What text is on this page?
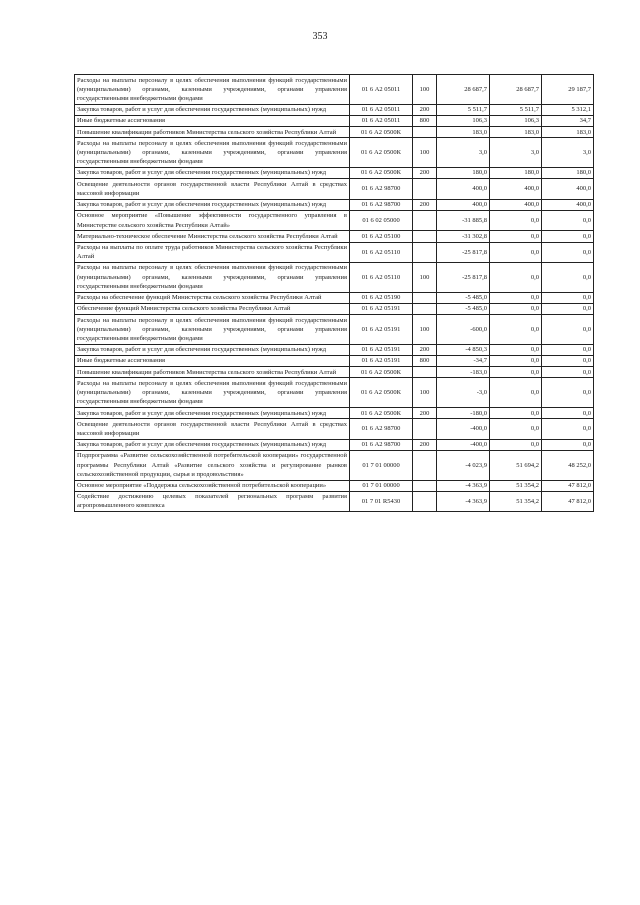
353
Расходы на выплаты персоналу в целях обеспечения выполнения функций государственными (муниципальными) органами, казенными учреждениями, органами управления государственными внебюджетными фондами	01 6 А2 05011	100	28 687,7	28 687,7	29 187,7
Закупка товаров, работ и услуг для обеспечения государственных (муниципальных) нужд	01 6 А2 05011	200	5 511,7	5 511,7	5 312,1
Иные бюджетные ассигнования	01 6 А2 05011	800	106,3	106,3	34,7
Повышение квалификации работников Министерства сельского хозяйства Республики Алтай	01 6 А2 0500К		183,0	183,0	183,0
Расходы на выплаты персоналу в целях обеспечения выполнения функций государственными (муниципальными) органами, казенными учреждениями, органами управления государственными внебюджетными фондами	01 6 А2 0500К	100	3,0	3,0	3,0
Закупка товаров, работ и услуг для обеспечения государственных (муниципальных) нужд	01 6 А2 0500К	200	180,0	180,0	180,0
Освещение деятельности органов государственной власти Республики Алтай в средствах массовой информации	01 6 А2 98700		400,0	400,0	400,0
Закупка товаров, работ и услуг для обеспечения государственных (муниципальных) нужд	01 6 А2 98700	200	400,0	400,0	400,0
Основное мероприятие «Повышение эффективности государственного управления в Министерстве сельского хозяйства Республики Алтай»	01 6 02 05000		-31 885,8	0,0	0,0
Материально-техническое обеспечение Министерства сельского хозяйства Республики Алтай	01 6 А2 05100		-31 302,8	0,0	0,0
Расходы на выплаты по оплате труда работников Министерства сельского хозяйства Республики Алтай	01 6 А2 05110		-25 817,8	0,0	0,0
Расходы на выплаты персоналу в целях обеспечения выполнения функций государственными (муниципальными) органами, казенными учреждениями, органами управления государственными внебюджетными фондами	01 6 А2 05110	100	-25 817,8	0,0	0,0
Расходы на обеспечение функций Министерства сельского хозяйства Республики Алтай	01 6 А2 05190		-5 485,0	0,0	0,0
Обеспечение функций Министерства сельского хозяйства Республики Алтай	01 6 А2 05191		-5 485,0	0,0	0,0
Расходы на выплаты персоналу в целях обеспечения выполнения функций государственными (муниципальными) органами, казенными учреждениями, органами управления государственными внебюджетными фондами	01 6 А2 05191	100	-600,0	0,0	0,0
Закупка товаров, работ и услуг для обеспечения государственных (муниципальных) нужд	01 6 А2 05191	200	-4 850,3	0,0	0,0
Иные бюджетные ассигнования	01 6 А2 05191	800	-34,7	0,0	0,0
Повышение квалификации работников Министерства сельского хозяйства Республики Алтай	01 6 А2 0500К		-183,0	0,0	0,0
Расходы на выплаты персоналу в целях обеспечения выполнения функций государственными (муниципальными) органами, казенными учреждениями, органами управления государственными внебюджетными фондами	01 6 А2 0500К	100	-3,0	0,0	0,0
Закупка товаров, работ и услуг для обеспечения государственных (муниципальных) нужд	01 6 А2 0500К	200	-180,0	0,0	0,0
Освещение деятельности органов государственной власти Республики Алтай в средствах массовой информации	01 6 А2 98700		-400,0	0,0	0,0
Закупка товаров, работ и услуг для обеспечения государственных (муниципальных) нужд	01 6 А2 98700	200	-400,0	0,0	0,0
Подпрограмма «Развитие сельскохозяйственной потребительской кооперации» государственной программы Республики Алтай «Развитие сельского хозяйства и регулирование рынков сельскохозяйственной продукции, сырья и продовольствия»	01 7 01 00000		-4 023,9	51 694,2	48 252,0
Основное мероприятие «Поддержка сельскохозяйственной потребительской кооперации»	01 7 01 00000		-4 363,9	51 354,2	47 812,0
Содействие достижению целевых показателей региональных программ развития агропромышленного комплекса	01 7 01 R5430		-4 363,9	51 354,2	47 812,0
